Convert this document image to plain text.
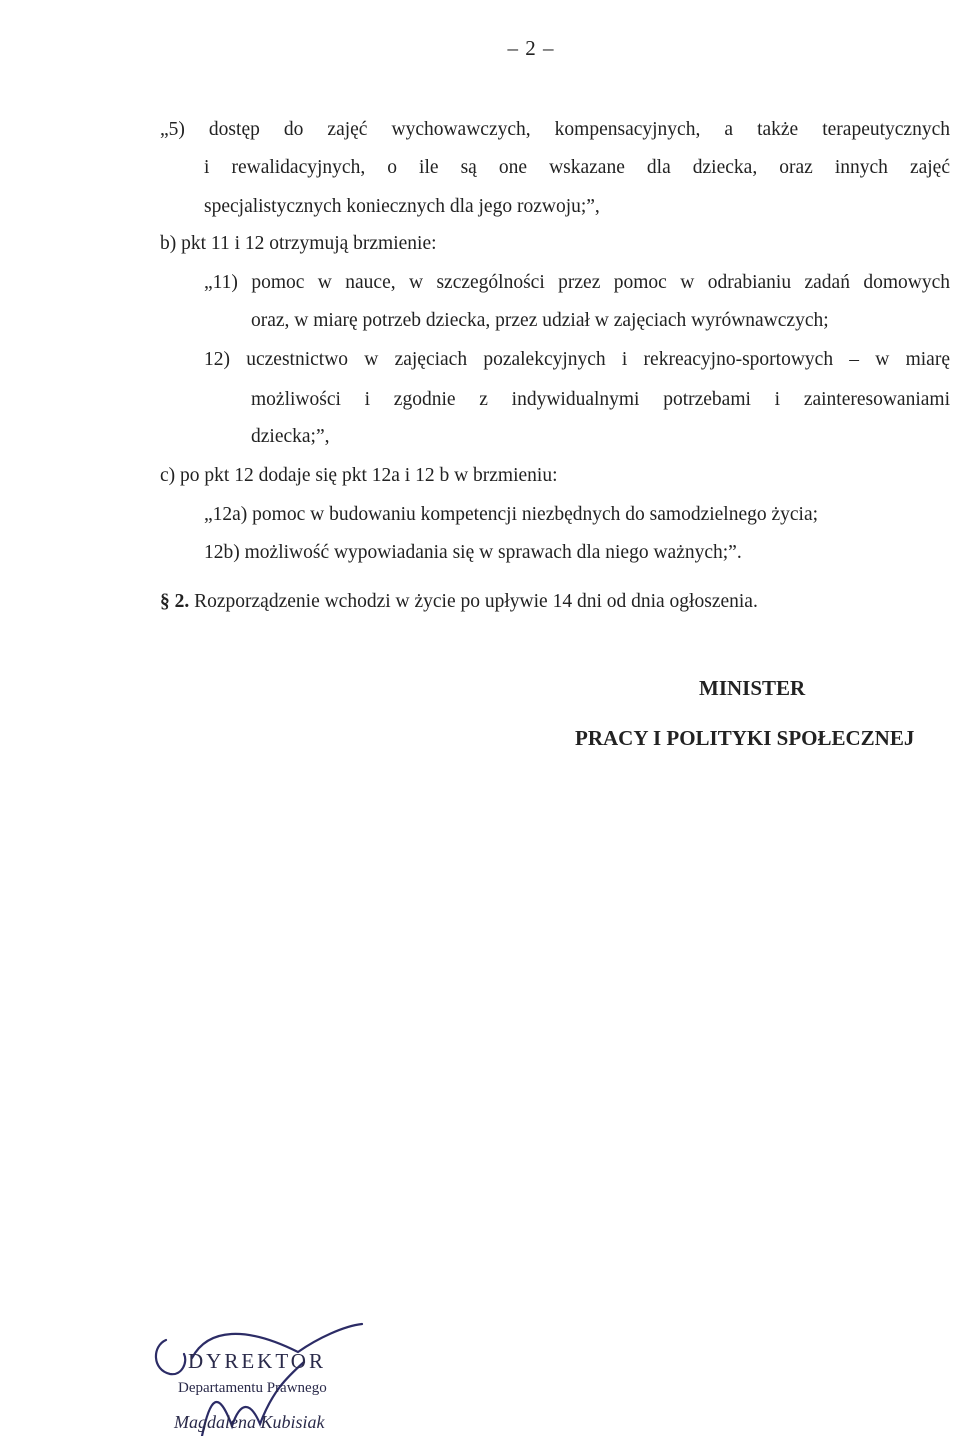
– 2 –
„5) dostęp do zajęć wychowawczych, kompensacyjnych, a także terapeutycznych
i rewalidacyjnych, o ile są one wskazane dla dziecka, oraz innych zajęć
specjalistycznych koniecznych dla jego rozwoju;”,
b) pkt 11 i 12 otrzymują brzmienie:
„11) pomoc w nauce, w szczególności przez pomoc w odrabianiu zadań domowych
oraz, w miarę potrzeb dziecka, przez udział w zajęciach wyrównawczych;
12) uczestnictwo w zajęciach pozalekcyjnych i rekreacyjno-sportowych – w miarę
możliwości i zgodnie z indywidualnymi potrzebami i zainteresowaniami
dziecka;”,
c) po pkt 12 dodaje się pkt 12a i 12 b w brzmieniu:
„12a) pomoc w budowaniu kompetencji niezbędnych do samodzielnego życia;
12b) możliwość wypowiadania się w sprawach dla niego ważnych;”.
§ 2. Rozporządzenie wchodzi w życie po upływie 14 dni od dnia ogłoszenia.
MINISTER
PRACY I POLITYKI SPOŁECZNEJ
DYREKTOR
Departamentu Prawnego
Magdalena Kubisiak
